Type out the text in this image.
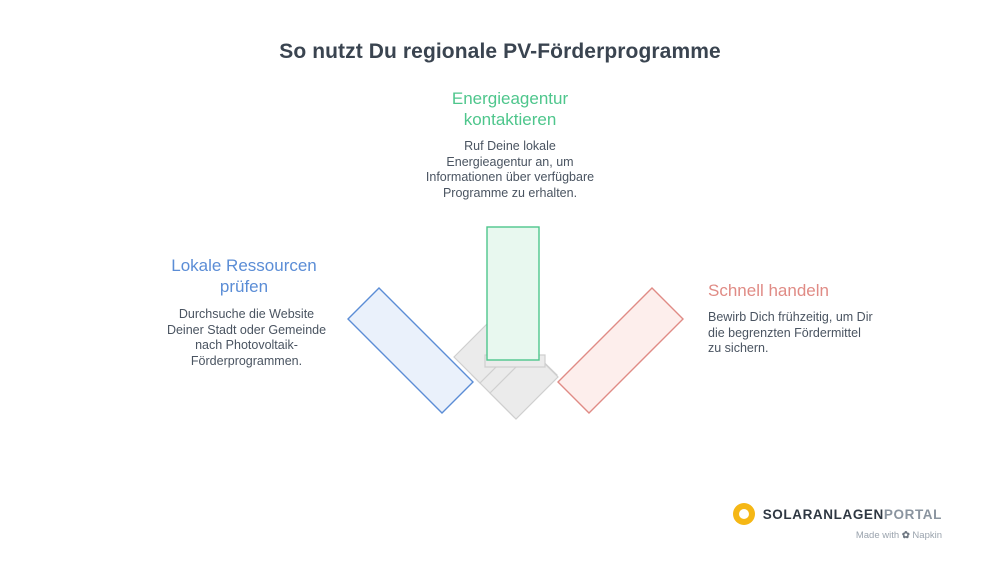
So nutzt Du regionale PV-Förderprogramme
Energieagentur kontaktieren
Ruf Deine lokale Energieagentur an, um Informationen über verfügbare Programme zu erhalten.
Lokale Ressourcen prüfen
Durchsuche die Website Deiner Stadt oder Gemeinde nach Photovoltaik-Förderprogrammen.
Schnell handeln
Bewirb Dich frühzeitig, um Dir die begrenzten Fördermittel zu sichern.
SOLARANLAGENPORTAL
Made with ✿ Napkin
